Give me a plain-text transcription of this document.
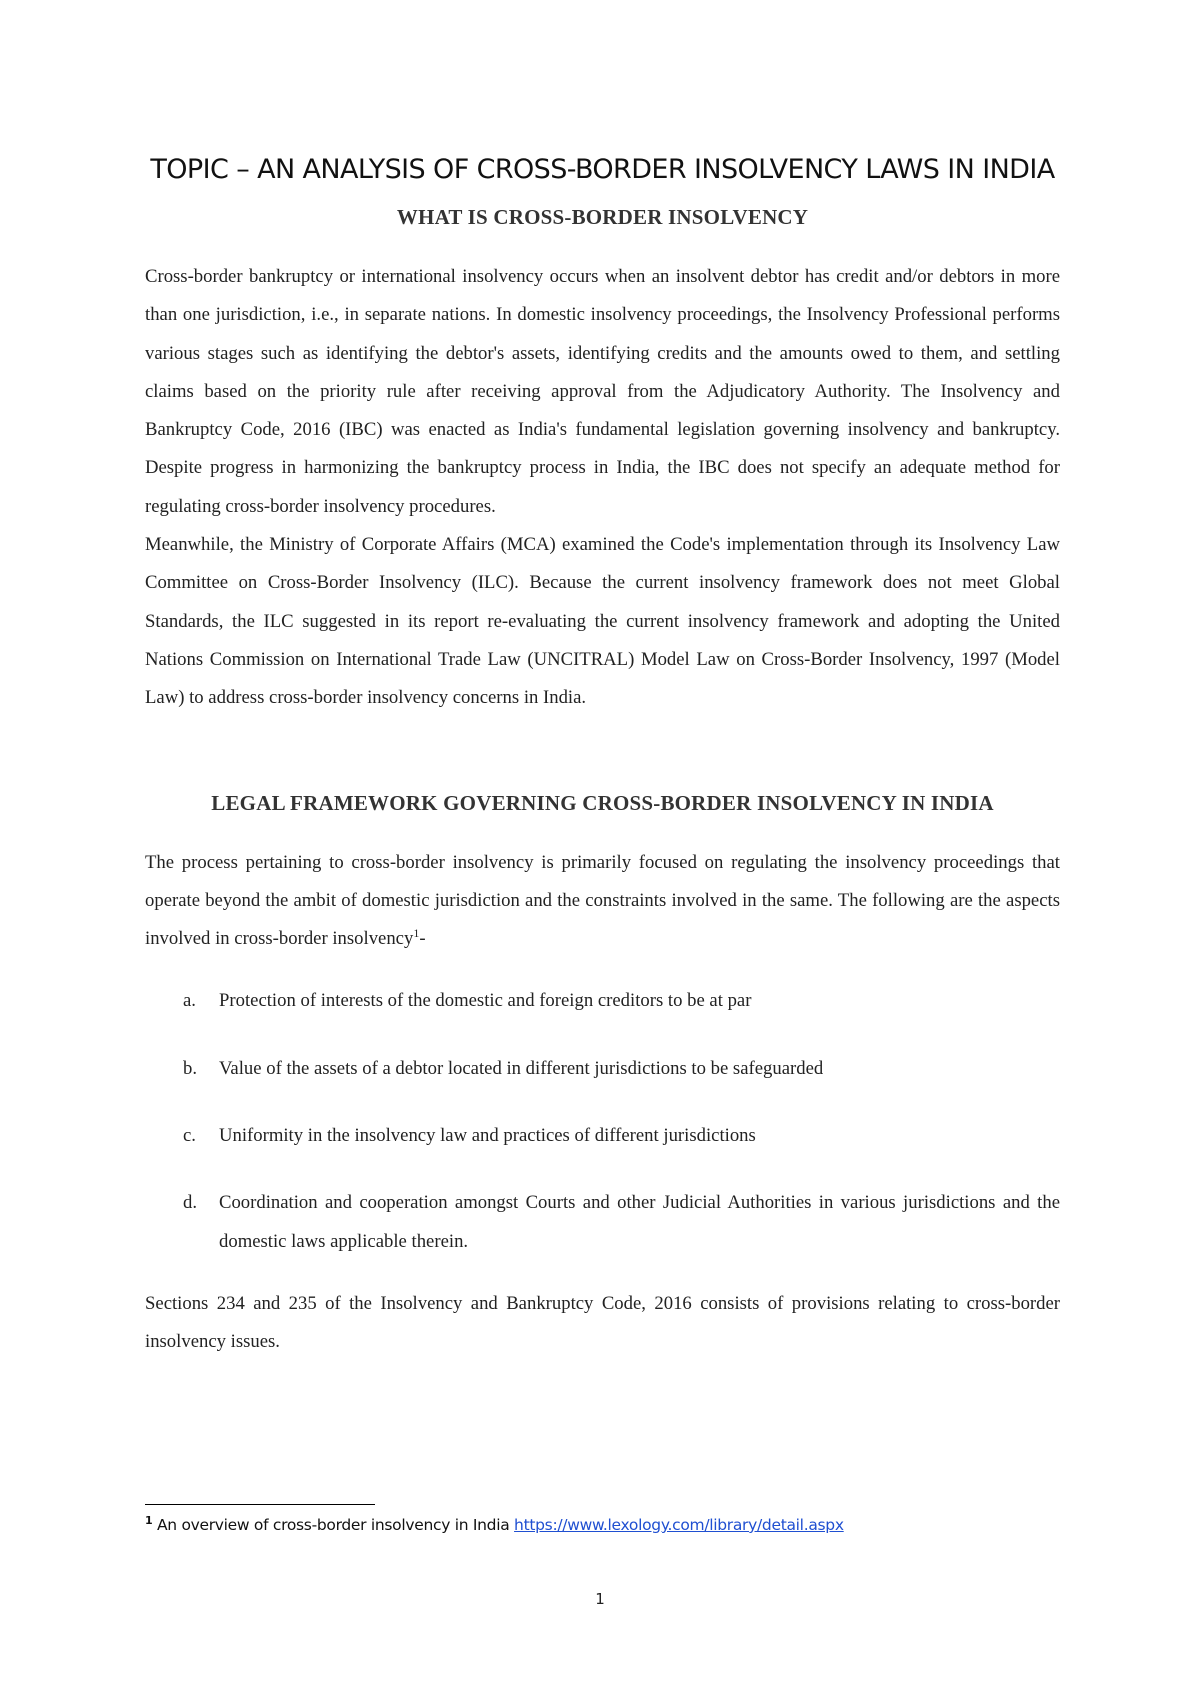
TOPIC – AN ANALYSIS OF CROSS-BORDER INSOLVENCY LAWS IN INDIA
WHAT IS CROSS-BORDER INSOLVENCY

Cross-border bankruptcy or international insolvency occurs when an insolvent debtor has credit and/or debtors in more than one jurisdiction, i.e., in separate nations. In domestic insolvency proceedings, the Insolvency Professional performs various stages such as identifying the debtor's assets, identifying credits and the amounts owed to them, and settling claims based on the priority rule after receiving approval from the Adjudicatory Authority. The Insolvency and Bankruptcy Code, 2016 (IBC) was enacted as India's fundamental legislation governing insolvency and bankruptcy. Despite progress in harmonizing the bankruptcy process in India, the IBC does not specify an adequate method for regulating cross-border insolvency procedures.

Meanwhile, the Ministry of Corporate Affairs (MCA) examined the Code's implementation through its Insolvency Law Committee on Cross-Border Insolvency (ILC). Because the current insolvency framework does not meet Global Standards, the ILC suggested in its report re-evaluating the current insolvency framework and adopting the United Nations Commission on International Trade Law (UNCITRAL) Model Law on Cross-Border Insolvency, 1997 (Model Law) to address cross-border insolvency concerns in India.

LEGAL FRAMEWORK GOVERNING CROSS-BORDER INSOLVENCY IN INDIA

The process pertaining to cross-border insolvency is primarily focused on regulating the insolvency proceedings that operate beyond the ambit of domestic jurisdiction and the constraints involved in the same. The following are the aspects involved in cross-border insolvency$^1$-

a. Protection of interests of the domestic and foreign creditors to be at par
b. Value of the assets of a debtor located in different jurisdictions to be safeguarded
c. Uniformity in the insolvency law and practices of different jurisdictions
d. Coordination and cooperation amongst Courts and other Judicial Authorities in various jurisdictions and the domestic laws applicable therein.

Sections 234 and 235 of the Insolvency and Bankruptcy Code, 2016 consists of provisions relating to cross-border insolvency issues.

$^1$ An overview of cross-border insolvency in India https://www.lexology.com/library/detail.aspx
1
